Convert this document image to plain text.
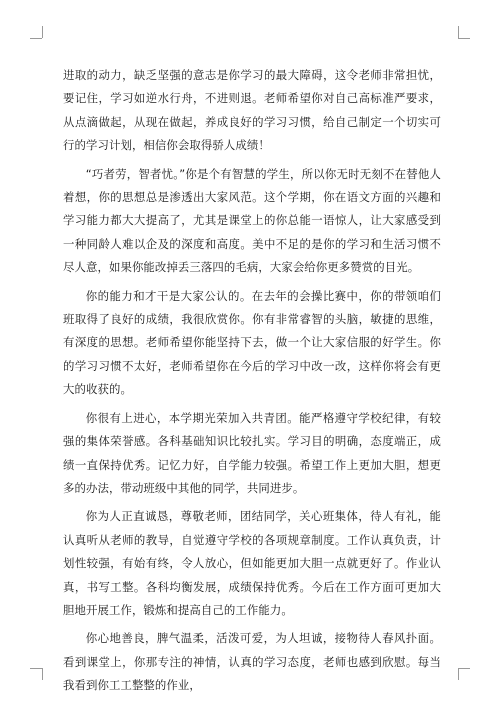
进取的动力，缺乏坚强的意志是你学习的最大障碍，这令老师非常担忧，要记住，学习如逆水行舟，不进则退。老师希望你对自己高标准严要求，从点滴做起，从现在做起，养成良好的学习习惯，给自己制定一个切实可行的学习计划，相信你会取得骄人成绩！

“巧者劳，智者忧。”你是个有智慧的学生，所以你无时无刻不在替他人着想，你的思想总是渗透出大家风范。这个学期，你在语文方面的兴趣和学习能力都大大提高了，尤其是课堂上的你总能一语惊人，让大家感受到一种同龄人难以企及的深度和高度。美中不足的是你的学习和生活习惯不尽人意，如果你能改掉丢三落四的毛病，大家会给你更多赞赏的目光。

你的能力和才干是大家公认的。在去年的会操比赛中，你的带领咱们班取得了良好的成绩，我很欣赏你。你有非常睿智的头脑，敏捷的思维，有深度的思想。老师希望你能坚持下去，做一个让大家信服的好学生。你的学习习惯不太好，老师希望你在今后的学习中改一改，这样你将会有更大的收获的。

你很有上进心，本学期光荣加入共青团。能严格遵守学校纪律，有较强的集体荣誉感。各科基础知识比较扎实。学习目的明确，态度端正，成绩一直保持优秀。记忆力好，自学能力较强。希望工作上更加大胆，想更多的办法，带动班级中其他的同学，共同进步。

你为人正直诚恳，尊敬老师，团结同学，关心班集体，待人有礼，能认真听从老师的教导，自觉遵守学校的各项规章制度。工作认真负责，计划性较强，有始有终，令人放心，但如能更加大胆一点就更好了。作业认真，书写工整。各科均衡发展，成绩保持优秀。今后在工作方面可更加大胆地开展工作，锻炼和提高自己的工作能力。

你心地善良，脾气温柔，活泼可爱，为人坦诚，接物待人春风扑面。看到课堂上，你那专注的神情，认真的学习态度，老师也感到欣慰。每当我看到你工工整整的作业，
